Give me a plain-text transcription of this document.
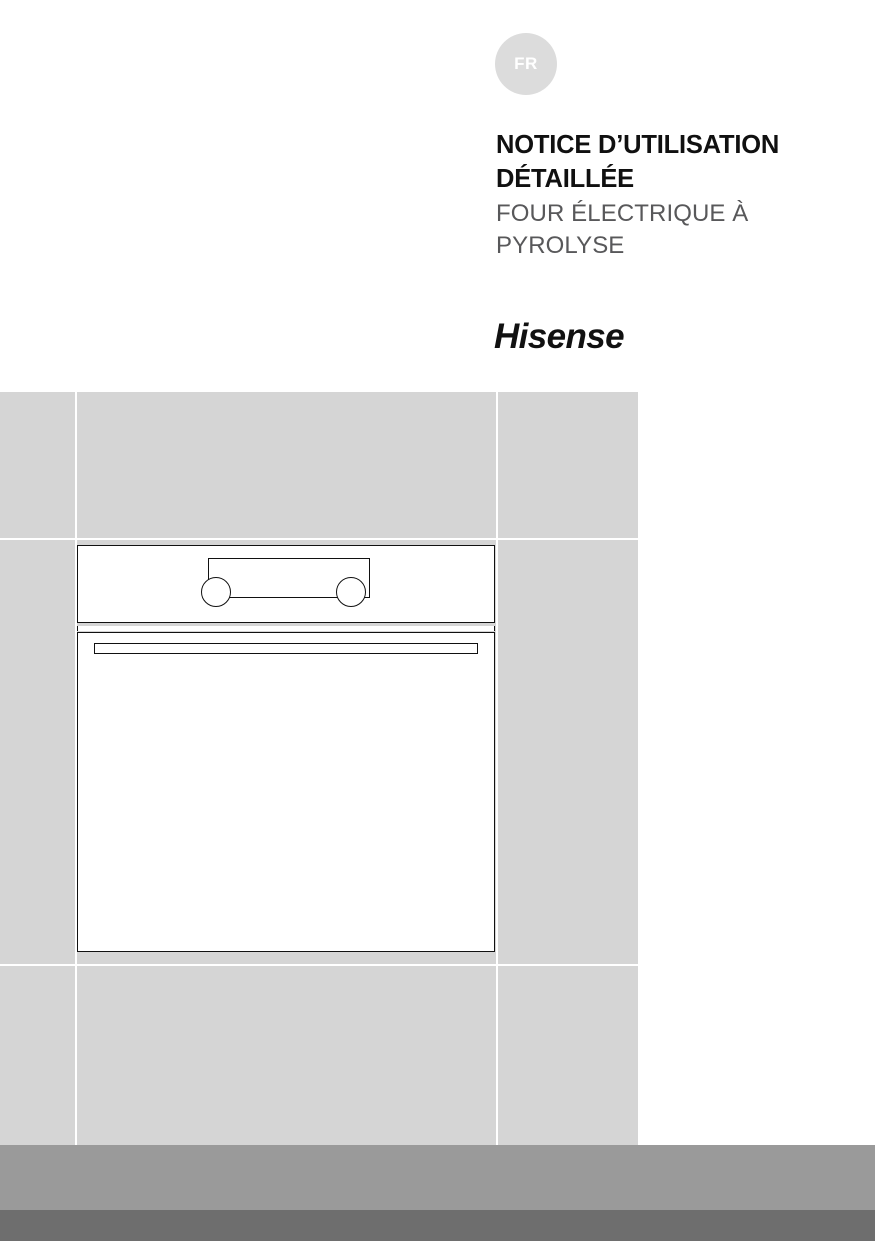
FR
NOTICE D’UTILISATION
DÉTAILLÉE

FOUR ÉLECTRIQUE À
PYROLYSE

Hisense
